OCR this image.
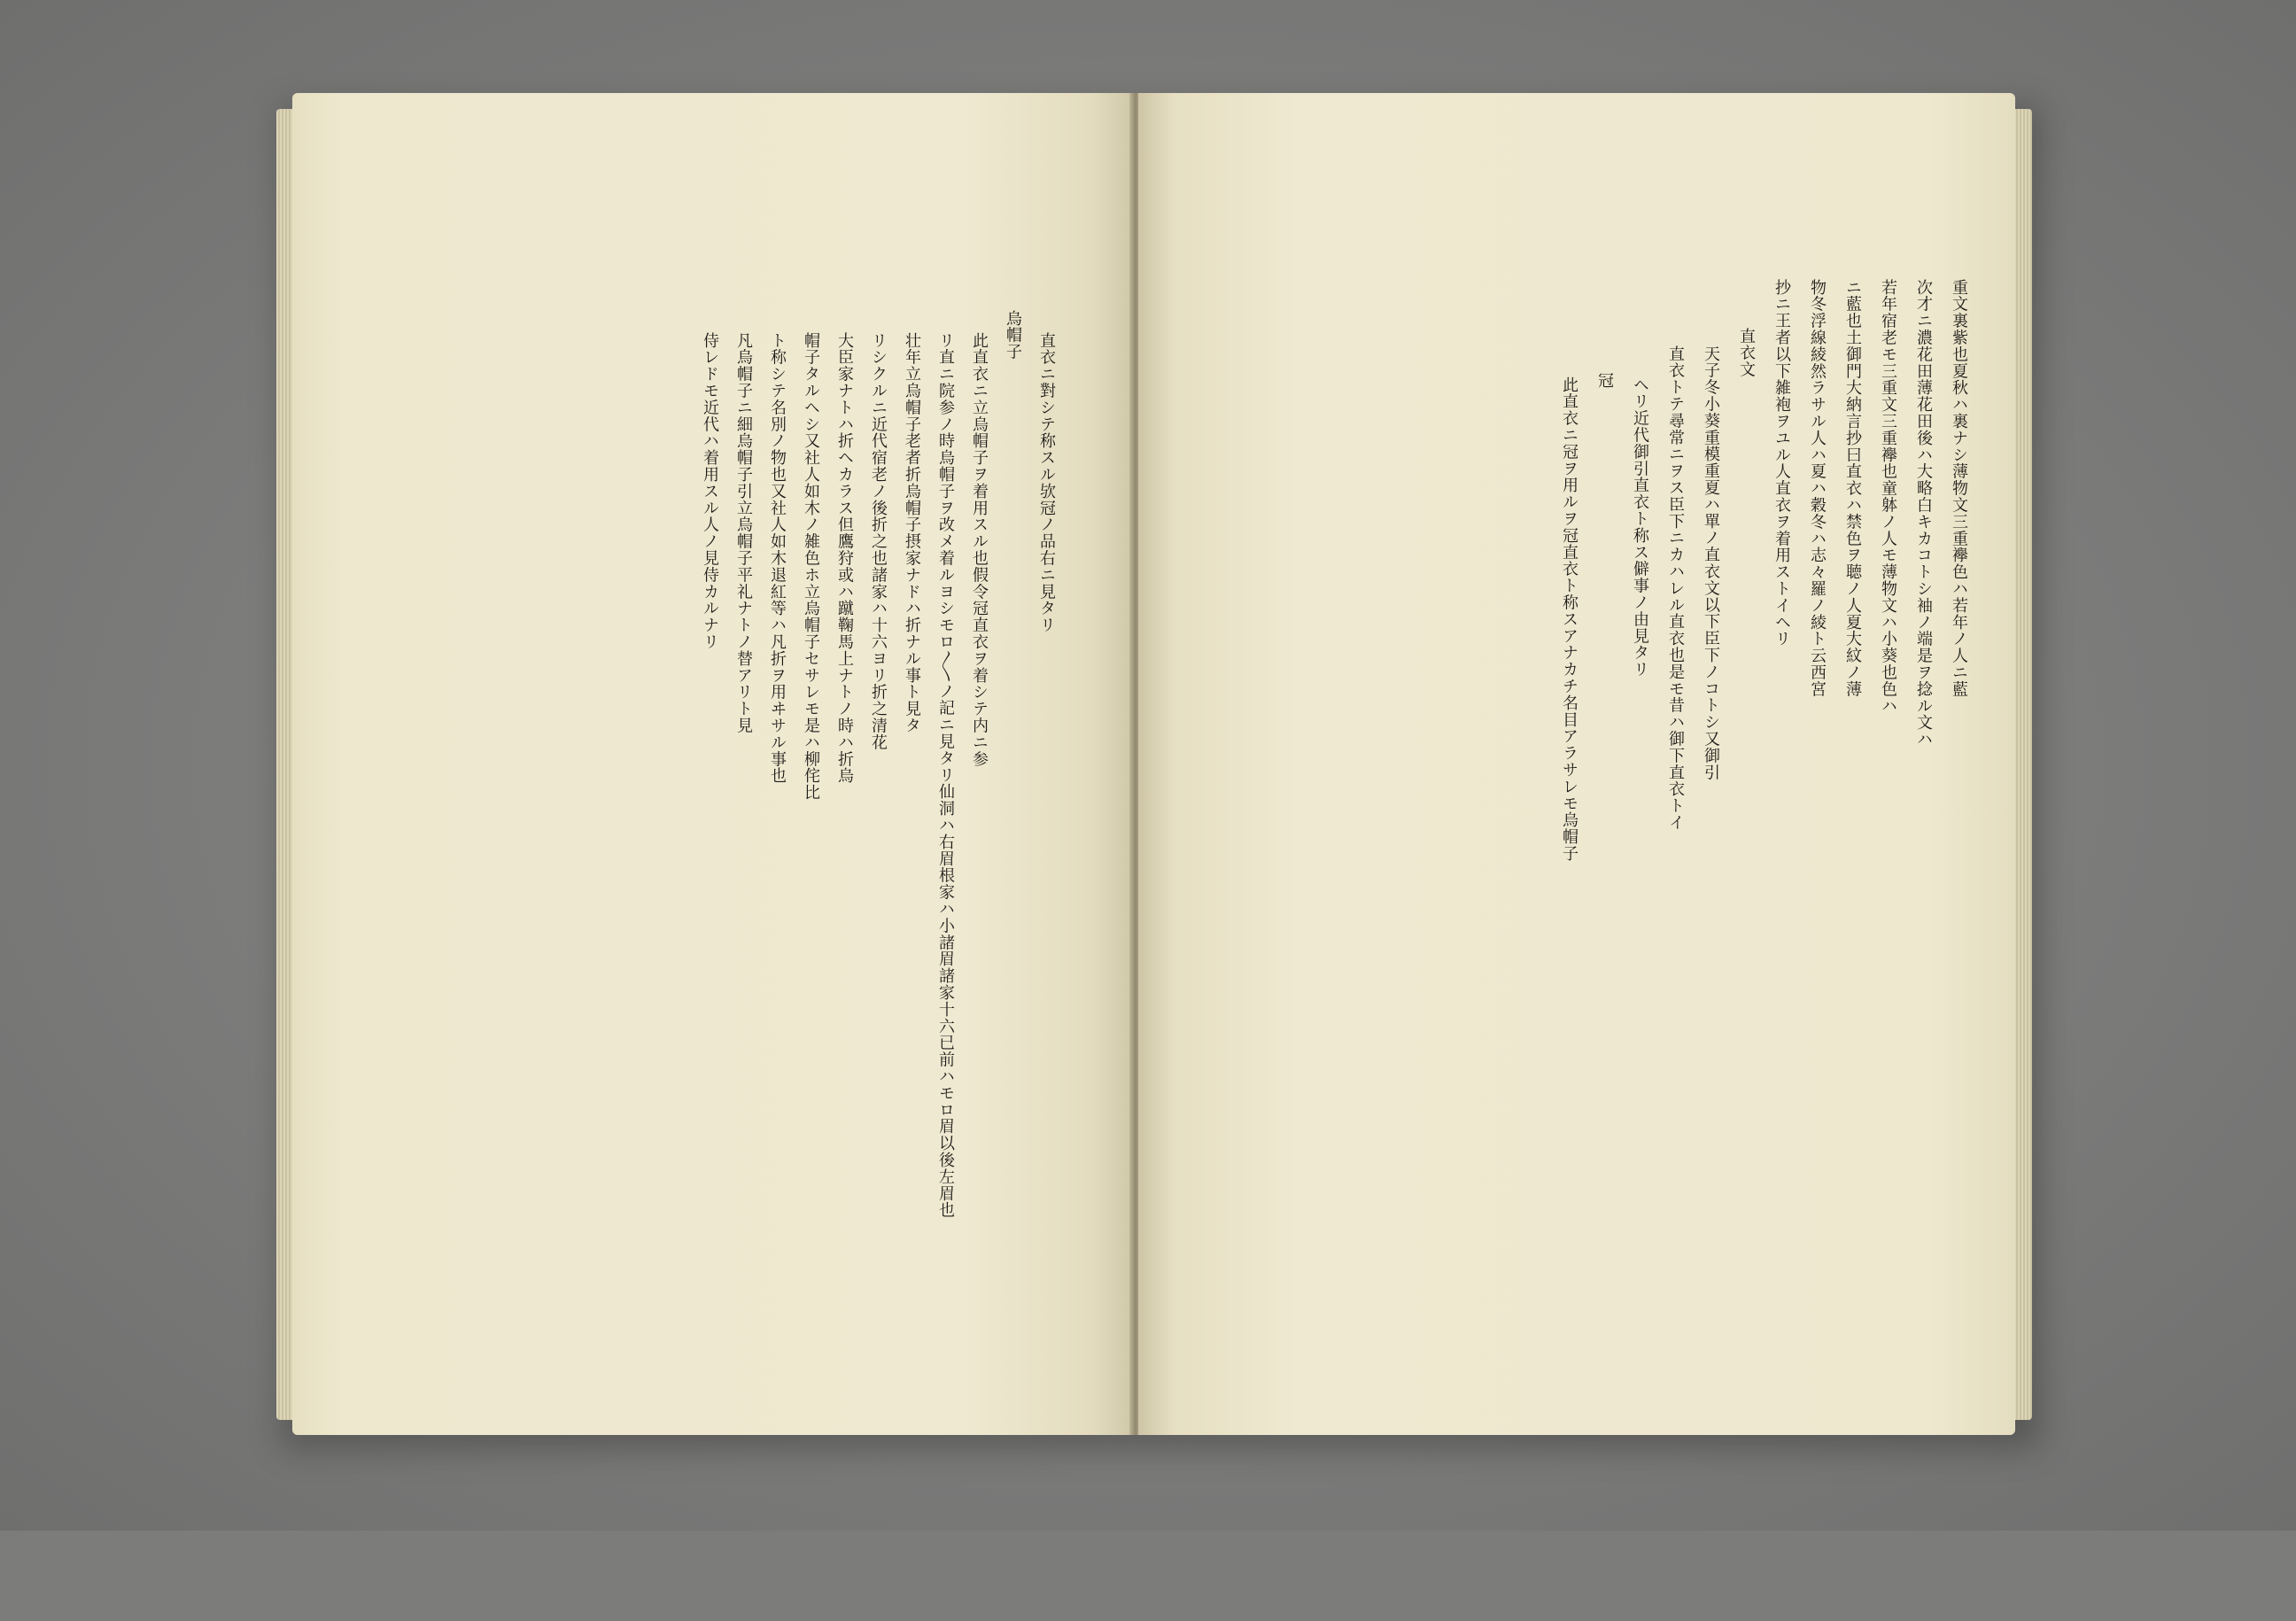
直衣ニ對シテ称スル欤冠ノ品右ニ見タリ
烏帽子
此直衣ニ立烏帽子ヲ着用スル也假令冠直衣ヲ着シテ内ニ参
リ直ニ院参ノ時烏帽子ヲ改メ着ルヨシモロ〳〵ノ記ニ見タリ仙洞ハ右眉根家ハ小諸眉諸家十六已前ハモロ眉以後左眉也
壮年立烏帽子老者折烏帽子摂家ナドハ折ナル事ト見タ
リシクルニ近代宿老ノ後折之也諸家ハ十六ヨリ折之清花
大臣家ナトハ折ヘカラス但鷹狩或ハ蹴鞠馬上ナトノ時ハ折烏
帽子タルヘシ又社人如木ノ雑色ホ立烏帽子セサレモ是ハ柳侘比
ト称シテ名別ノ物也又社人如木退紅等ハ凡折ヲ用ヰサル事也
凡烏帽子ニ細烏帽子引立烏帽子平礼ナトノ替アリト見
侍レドモ近代ハ着用スル人ノ見侍カルナリ	重文裏紫也夏秋ハ裏ナシ薄物文三重襷色ハ若年ノ人ニ藍
次才ニ濃花田薄花田後ハ大略白キカコトシ袖ノ端是ヲ捻ル文ハ
若年宿老モ三重文三重襷也童躰ノ人モ薄物文ハ小葵也色ハ
ニ藍也土御門大納言抄曰直衣ハ禁色ヲ聴ノ人夏大紋ノ薄
物冬浮線綾然ラサル人ハ夏ハ穀冬ハ志々羅ノ綾ト云西宮
抄ニ王者以下雑袍ヲユル人直衣ヲ着用ストイヘリ
直衣文
天子冬小葵重模重夏ハ單ノ直衣文以下臣下ノコトシ又御引
直衣トテ尋常ニヲス臣下ニカハレル直衣也是モ昔ハ御下直衣トイ
ヘリ近代御引直衣ト称ス僻事ノ由見タリ
冠
此直衣ニ冠ヲ用ルヲ冠直衣ト称スアナカチ名目アラサレモ烏帽子
